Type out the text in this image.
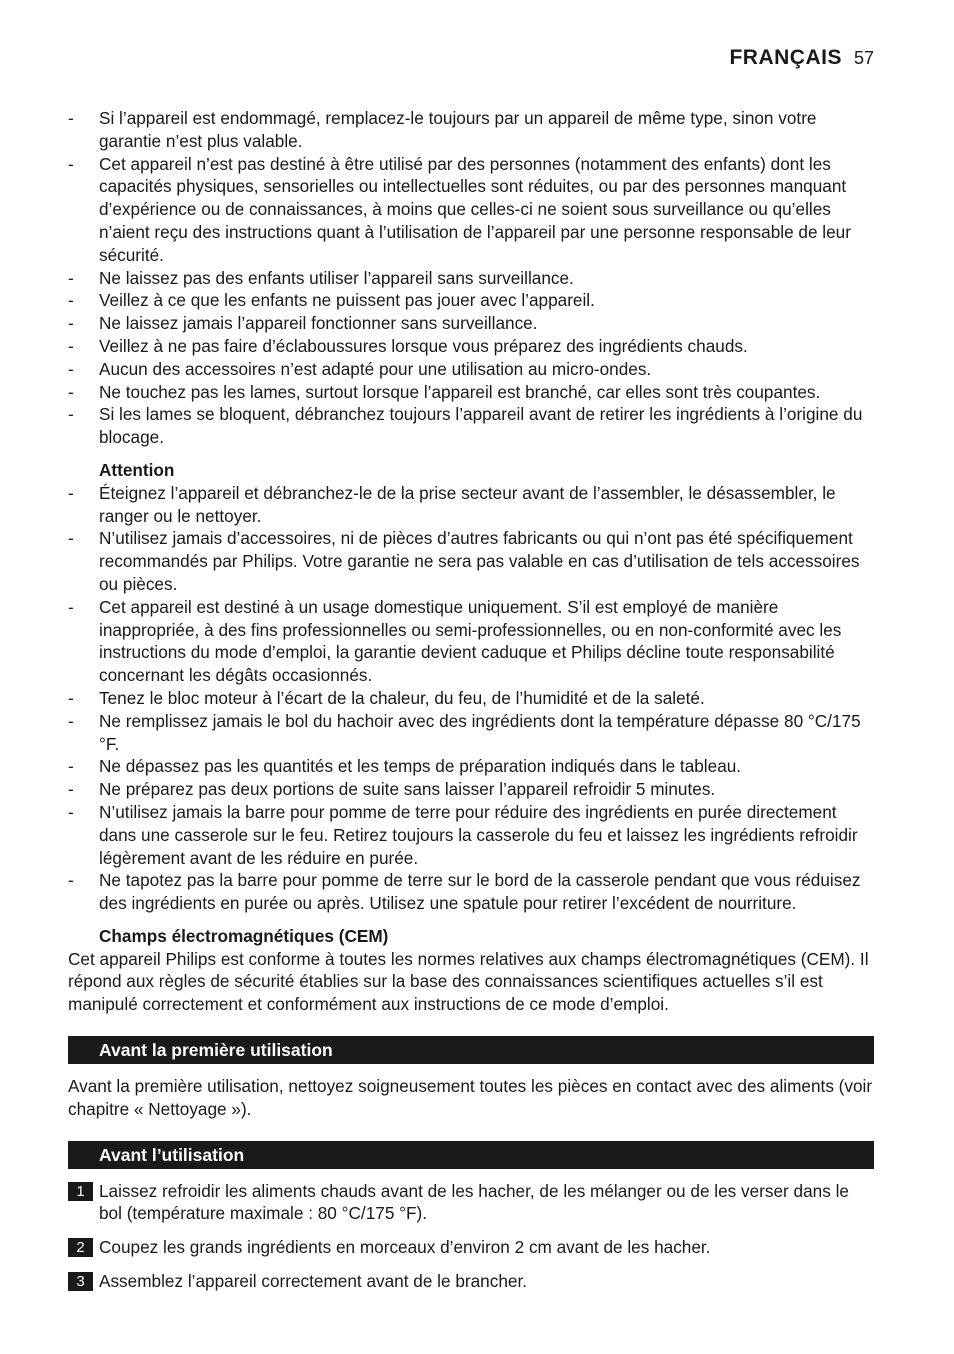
FRANÇAIS 57
- Si l’appareil est endommagé, remplacez-le toujours par un appareil de même type, sinon votre garantie n’est plus valable.
- Cet appareil n’est pas destiné à être utilisé par des personnes (notamment des enfants) dont les capacités physiques, sensorielles ou intellectuelles sont réduites, ou par des personnes manquant d’expérience ou de connaissances, à moins que celles-ci ne soient sous surveillance ou qu’elles n’aient reçu des instructions quant à l’utilisation de l’appareil par une personne responsable de leur sécurité.
- Ne laissez pas des enfants utiliser l’appareil sans surveillance.
- Veillez à ce que les enfants ne puissent pas jouer avec l’appareil.
- Ne laissez jamais l’appareil fonctionner sans surveillance.
- Veillez à ne pas faire d’éclaboussures lorsque vous préparez des ingrédients chauds.
- Aucun des accessoires n’est adapté pour une utilisation au micro-ondes.
- Ne touchez pas les lames, surtout lorsque l’appareil est branché, car elles sont très coupantes.
- Si les lames se bloquent, débranchez toujours l’appareil avant de retirer les ingrédients à l’origine du blocage.
Attention
- Éteignez l’appareil et débranchez-le de la prise secteur avant de l’assembler, le désassembler, le ranger ou le nettoyer.
- N’utilisez jamais d’accessoires, ni de pièces d’autres fabricants ou qui n’ont pas été spécifiquement recommandés par Philips. Votre garantie ne sera pas valable en cas d’utilisation de tels accessoires ou pièces.
- Cet appareil est destiné à un usage domestique uniquement. S’il est employé de manière inappropriée, à des fins professionnelles ou semi-professionnelles, ou en non-conformité avec les instructions du mode d’emploi, la garantie devient caduque et Philips décline toute responsabilité concernant les dégâts occasionnés.
- Tenez le bloc moteur à l’écart de la chaleur, du feu, de l’humidité et de la saleté.
- Ne remplissez jamais le bol du hachoir avec des ingrédients dont la température dépasse 80 °C/175 °F.
- Ne dépassez pas les quantités et les temps de préparation indiqués dans le tableau.
- Ne préparez pas deux portions de suite sans laisser l’appareil refroidir 5 minutes.
- N’utilisez jamais la barre pour pomme de terre pour réduire des ingrédients en purée directement dans une casserole sur le feu. Retirez toujours la casserole du feu et laissez les ingrédients refroidir légèrement avant de les réduire en purée.
- Ne tapotez pas la barre pour pomme de terre sur le bord de la casserole pendant que vous réduisez des ingrédients en purée ou après. Utilisez une spatule pour retirer l’excédent de nourriture.
Champs électromagnétiques (CEM)

Cet appareil Philips est conforme à toutes les normes relatives aux champs électromagnétiques (CEM). Il répond aux règles de sécurité établies sur la base des connaissances scientifiques actuelles s’il est manipulé correctement et conformément aux instructions de ce mode d’emploi.

Avant la première utilisation

Avant la première utilisation, nettoyez soigneusement toutes les pièces en contact avec des aliments (voir chapitre « Nettoyage »).

Avant l’utilisation
1 Laissez refroidir les aliments chauds avant de les hacher, de les mélanger ou de les verser dans le bol (température maximale : 80 °C/175 °F).
2 Coupez les grands ingrédients en morceaux d’environ 2 cm avant de les hacher.
3 Assemblez l’appareil correctement avant de le brancher.
